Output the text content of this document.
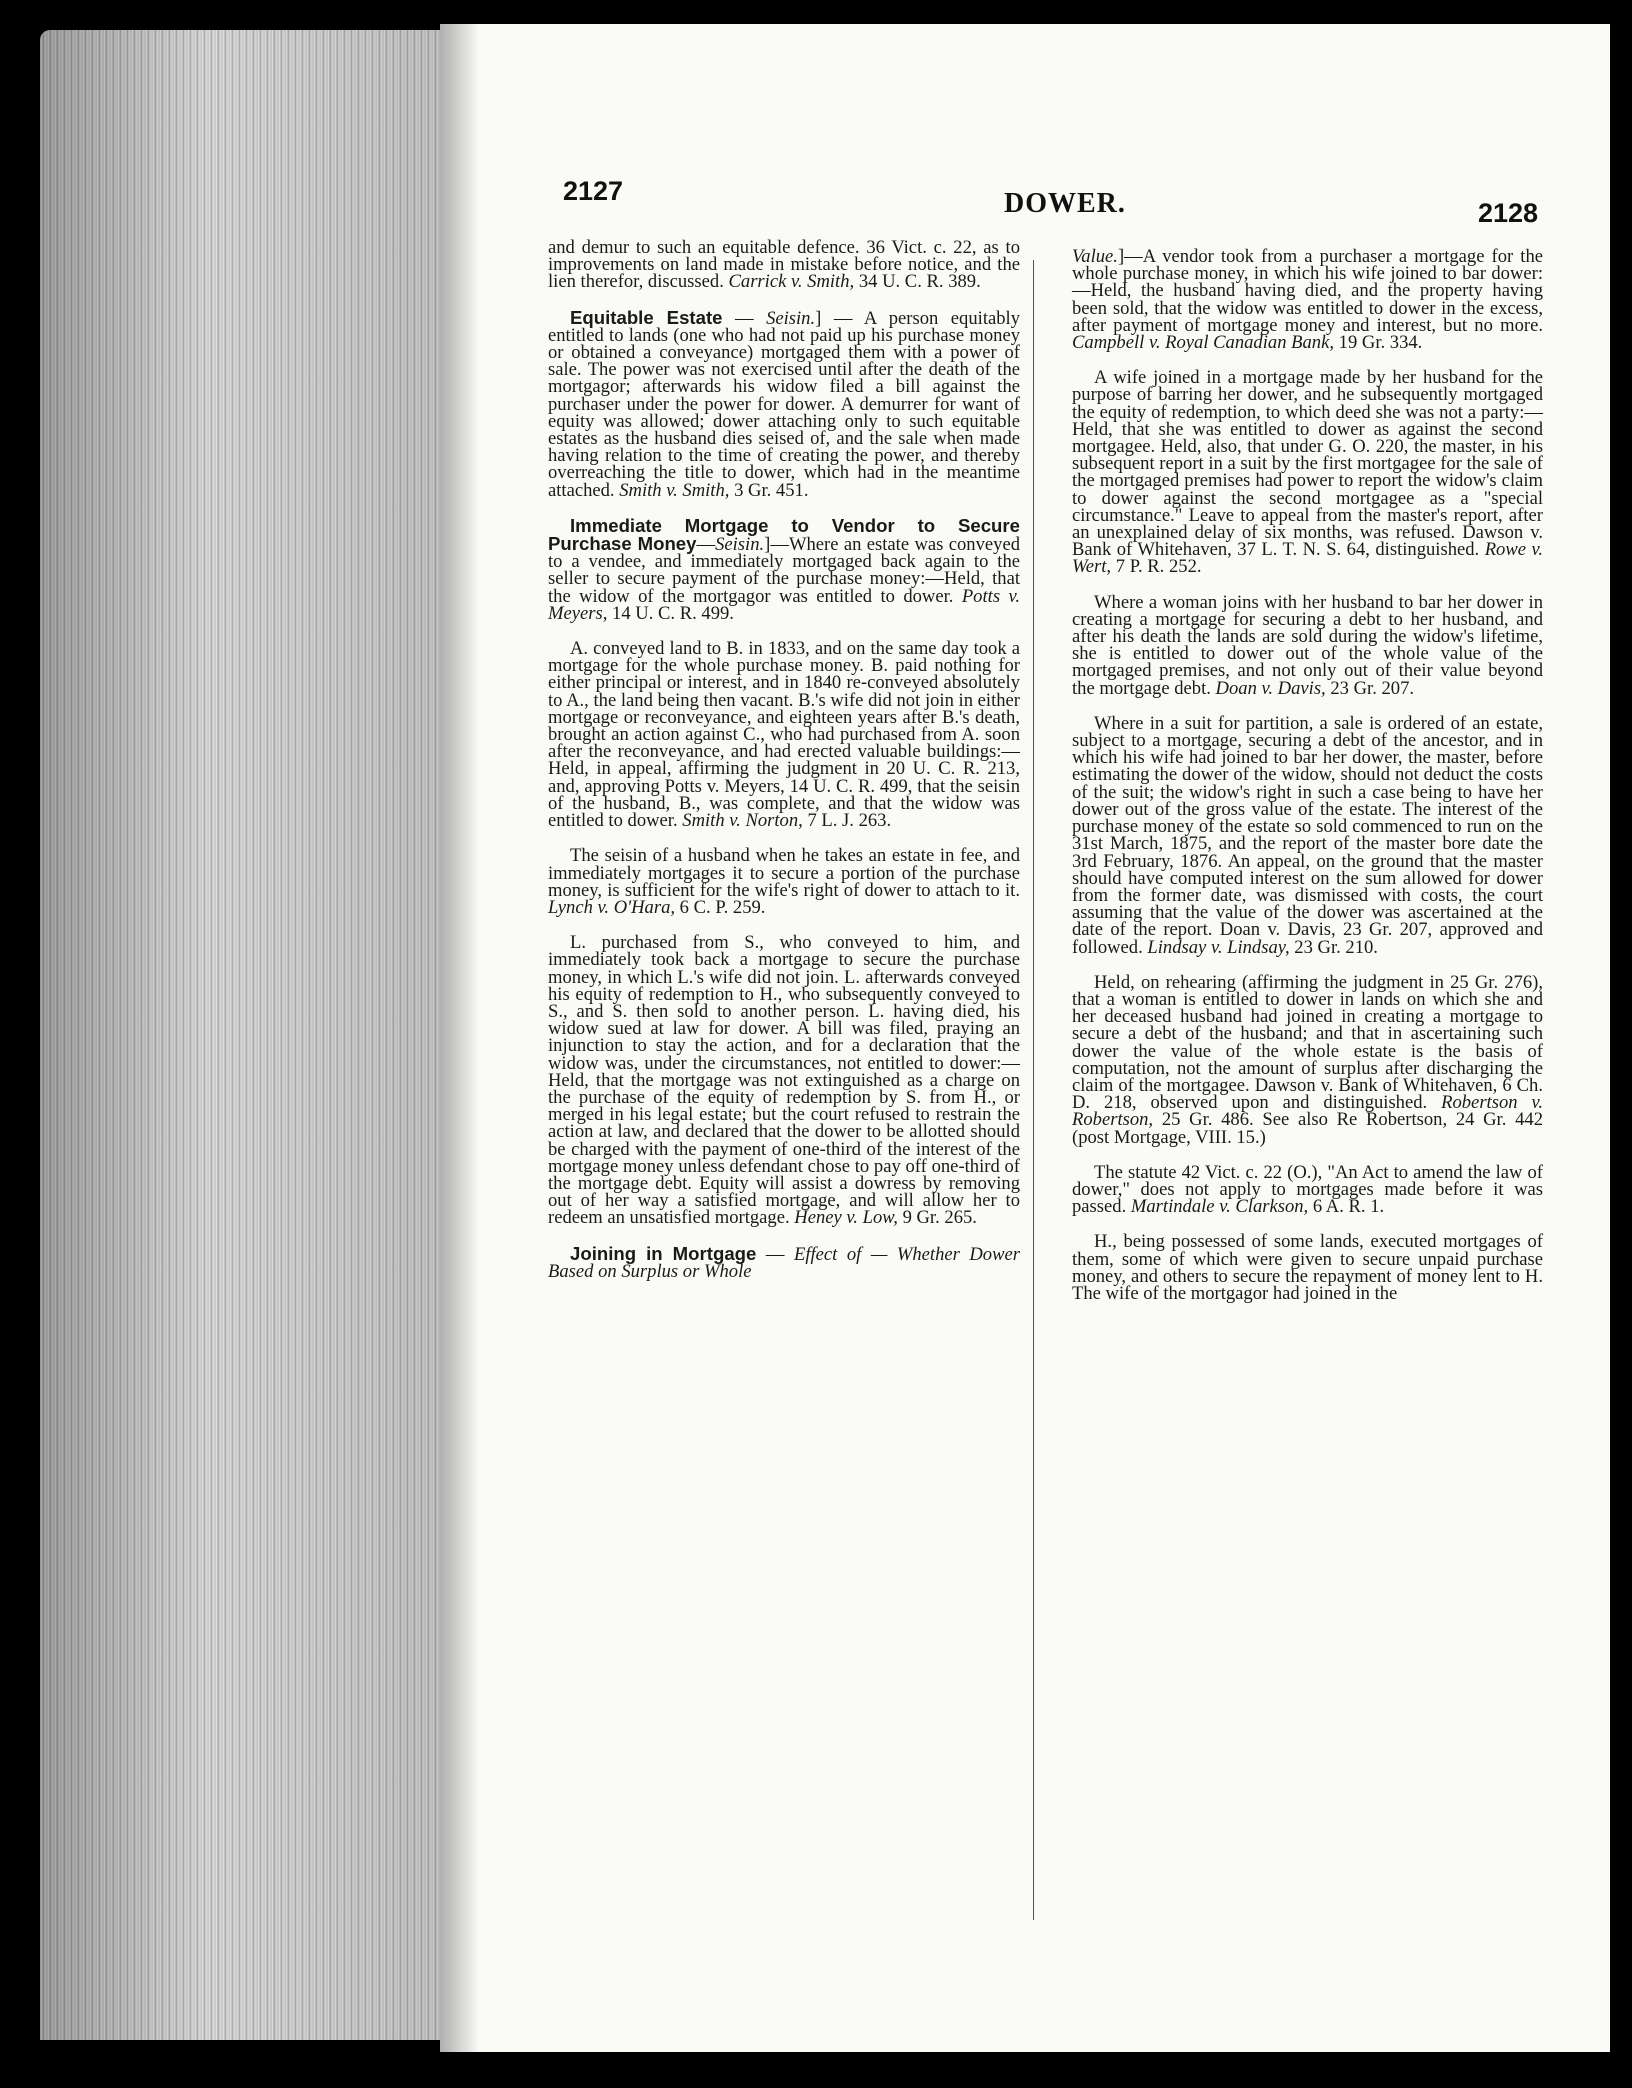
2127	DOWER.	2128

and demur to such an equitable defence. 36 Vict. c. 22, as to improvements on land made in mistake before notice, and the lien therefor, discussed. Carrick v. Smith, 34 U. C. R. 389.

Equitable Estate — Seisin.] — A person equitably entitled to lands (one who had not paid up his purchase money or obtained a conveyance) mortgaged them with a power of sale. The power was not exercised until after the death of the mortgagor; afterwards his widow filed a bill against the purchaser under the power for dower. A demurrer for want of equity was allowed; dower attaching only to such equitable estates as the husband dies seised of, and the sale when made having relation to the time of creating the power, and thereby overreaching the title to dower, which had in the meantime attached. Smith v. Smith, 3 Gr. 451.

Immediate Mortgage to Vendor to Secure Purchase Money—Seisin.]—Where an estate was conveyed to a vendee, and immediately mortgaged back again to the seller to secure payment of the purchase money:—Held, that the widow of the mortgagor was entitled to dower. Potts v. Meyers, 14 U. C. R. 499.

A. conveyed land to B. in 1833, and on the same day took a mortgage for the whole purchase money. B. paid nothing for either principal or interest, and in 1840 re-conveyed absolutely to A., the land being then vacant. B.'s wife did not join in either mortgage or reconveyance, and eighteen years after B.'s death, brought an action against C., who had purchased from A. soon after the reconveyance, and had erected valuable buildings:—Held, in appeal, affirming the judgment in 20 U. C. R. 213, and, approving Potts v. Meyers, 14 U. C. R. 499, that the seisin of the husband, B., was complete, and that the widow was entitled to dower. Smith v. Norton, 7 L. J. 263.

The seisin of a husband when he takes an estate in fee, and immediately mortgages it to secure a portion of the purchase money, is sufficient for the wife's right of dower to attach to it. Lynch v. O'Hara, 6 C. P. 259.

L. purchased from S., who conveyed to him, and immediately took back a mortgage to secure the purchase money, in which L.'s wife did not join. L. afterwards conveyed his equity of redemption to H., who subsequently conveyed to S., and S. then sold to another person. L. having died, his widow sued at law for dower. A bill was filed, praying an injunction to stay the action, and for a declaration that the widow was, under the circumstances, not entitled to dower:—Held, that the mortgage was not extinguished as a charge on the purchase of the equity of redemption by S. from H., or merged in his legal estate; but the court refused to restrain the action at law, and declared that the dower to be allotted should be charged with the payment of one-third of the interest of the mortgage money unless defendant chose to pay off one-third of the mortgage debt. Equity will assist a dowress by removing out of her way a satisfied mortgage, and will allow her to redeem an unsatisfied mortgage. Heney v. Low, 9 Gr. 265.

Joining in Mortgage — Effect of — Whether Dower Based on Surplus or Whole

Value.]—A vendor took from a purchaser a mortgage for the whole purchase money, in which his wife joined to bar dower:—Held, the husband having died, and the property having been sold, that the widow was entitled to dower in the excess, after payment of mortgage money and interest, but no more. Campbell v. Royal Canadian Bank, 19 Gr. 334.

A wife joined in a mortgage made by her husband for the purpose of barring her dower, and he subsequently mortgaged the equity of redemption, to which deed she was not a party:—Held, that she was entitled to dower as against the second mortgagee. Held, also, that under G. O. 220, the master, in his subsequent report in a suit by the first mortgagee for the sale of the mortgaged premises had power to report the widow's claim to dower against the second mortgagee as a "special circumstance." Leave to appeal from the master's report, after an unexplained delay of six months, was refused. Dawson v. Bank of Whitehaven, 37 L. T. N. S. 64, distinguished. Rowe v. Wert, 7 P. R. 252.

Where a woman joins with her husband to bar her dower in creating a mortgage for securing a debt to her husband, and after his death the lands are sold during the widow's lifetime, she is entitled to dower out of the whole value of the mortgaged premises, and not only out of their value beyond the mortgage debt. Doan v. Davis, 23 Gr. 207.

Where in a suit for partition, a sale is ordered of an estate, subject to a mortgage, securing a debt of the ancestor, and in which his wife had joined to bar her dower, the master, before estimating the dower of the widow, should not deduct the costs of the suit; the widow's right in such a case being to have her dower out of the gross value of the estate. The interest of the purchase money of the estate so sold commenced to run on the 31st March, 1875, and the report of the master bore date the 3rd February, 1876. An appeal, on the ground that the master should have computed interest on the sum allowed for dower from the former date, was dismissed with costs, the court assuming that the value of the dower was ascertained at the date of the report. Doan v. Davis, 23 Gr. 207, approved and followed. Lindsay v. Lindsay, 23 Gr. 210.

Held, on rehearing (affirming the judgment in 25 Gr. 276), that a woman is entitled to dower in lands on which she and her deceased husband had joined in creating a mortgage to secure a debt of the husband; and that in ascertaining such dower the value of the whole estate is the basis of computation, not the amount of surplus after discharging the claim of the mortgagee. Dawson v. Bank of Whitehaven, 6 Ch. D. 218, observed upon and distinguished. Robertson v. Robertson, 25 Gr. 486. See also Re Robertson, 24 Gr. 442 (post Mortgage, VIII. 15.)

The statute 42 Vict. c. 22 (O.), "An Act to amend the law of dower," does not apply to mortgages made before it was passed. Martindale v. Clarkson, 6 A. R. 1.

H., being possessed of some lands, executed mortgages of them, some of which were given to secure unpaid purchase money, and others to secure the repayment of money lent to H. The wife of the mortgagor had joined in the
